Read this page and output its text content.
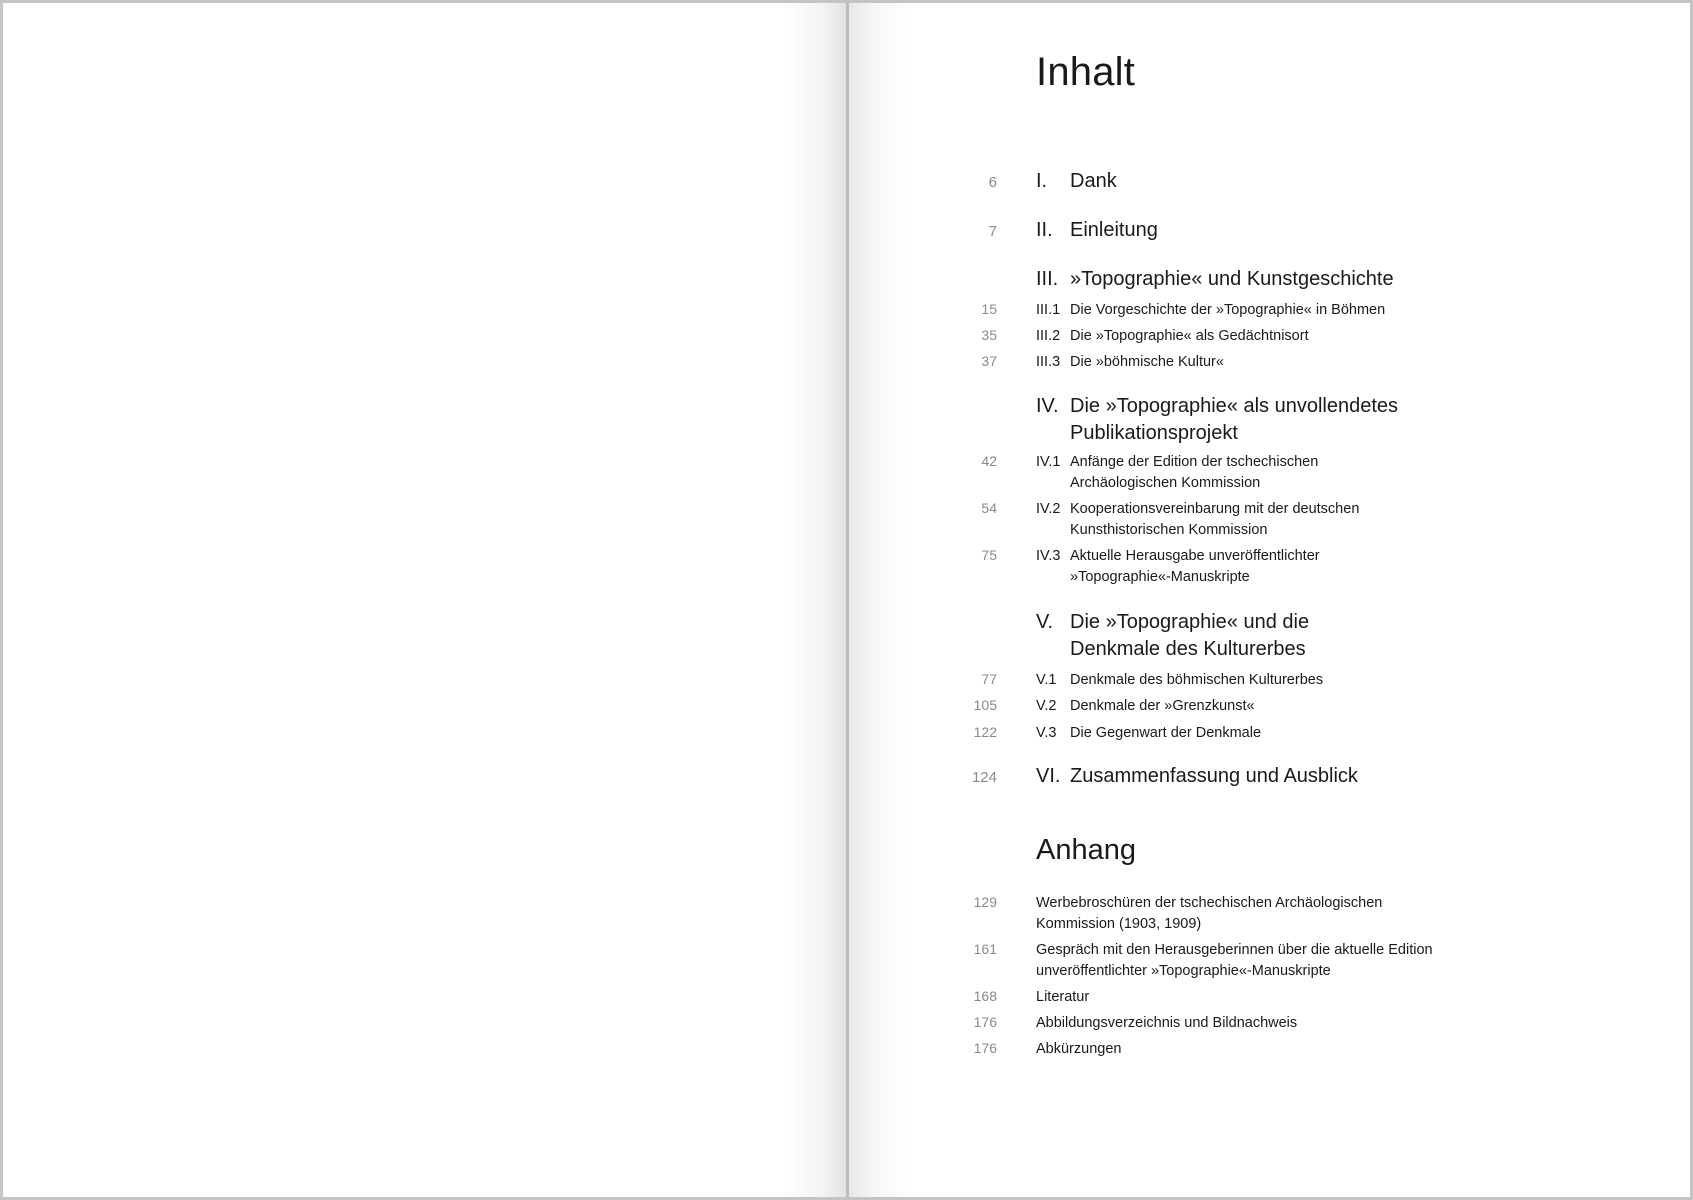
Inhalt
6 I. Dank
7 II. Einleitung
III. »Topographie« und Kunstgeschichte
15	III.1 Die Vorgeschichte der »Topographie« in Böhmen
35	III.2 Die »Topographie« als Gedächtnisort
37	III.3 Die »böhmische Kultur«
IV. Die »Topographie« als unvollendetes Publikationsprojekt
42	IV.1 Anfänge der Edition der tschechischen Archäologischen Kommission
54	IV.2 Kooperationsvereinbarung mit der deutschen Kunsthistorischen Kommission
75	IV.3 Aktuelle Herausgabe unveröffentlichter »Topographie«-Manuskripte
V. Die »Topographie« und die Denkmale des Kulturerbes
77	V.1 Denkmale des böhmischen Kulturerbes
105	V.2 Denkmale der »Grenzkunst«
122	V.3 Die Gegenwart der Denkmale
124 VI. Zusammenfassung und Ausblick
Anhang
129	Werbebroschüren der tschechischen Archäologischen Kommission (1903, 1909)
161	Gespräch mit den Herausgeberinnen über die aktuelle Edition unveröffentlichter »Topographie«-Manuskripte
168	Literatur
176	Abbildungsverzeichnis und Bildnachweis
176	Abkürzungen
